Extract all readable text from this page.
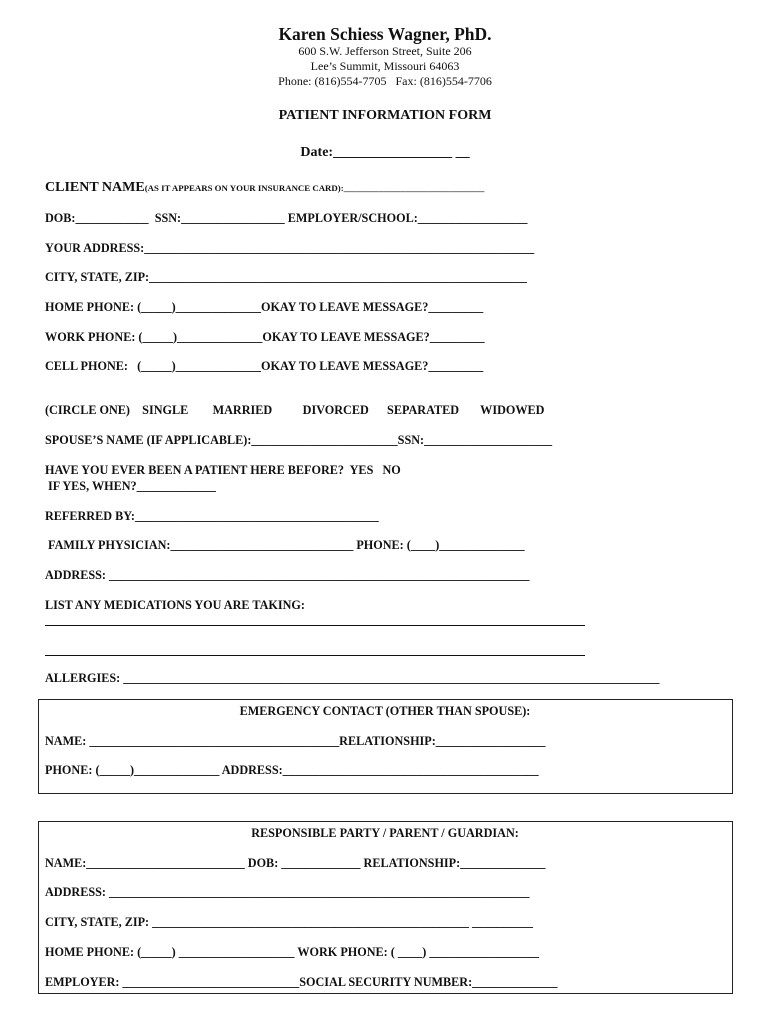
Karen Schiess Wagner, PhD.
600 S.W. Jefferson Street, Suite 206
Lee’s Summit, Missouri 64063
Phone: (816)554-7705   Fax: (816)554-7706
PATIENT INFORMATION FORM
Date:_________________ __
CLIENT NAME(AS IT APPEARS ON YOUR INSURANCE CARD):________________________________
DOB:____________  SSN:_________________ EMPLOYER/SCHOOL:__________________
YOUR ADDRESS:________________________________________________________________
CITY, STATE, ZIP:______________________________________________________________
HOME PHONE: (_____)______________OKAY TO LEAVE MESSAGE?_________
WORK PHONE: (_____)______________OKAY TO LEAVE MESSAGE?_________
CELL PHONE:   (_____)______________OKAY TO LEAVE MESSAGE?_________
(CIRCLE ONE)    SINGLE        MARRIED          DIVORCED      SEPARATED       WIDOWED
SPOUSE’S NAME (IF APPLICABLE):________________________SSN:_____________________
HAVE YOU EVER BEEN A PATIENT HERE BEFORE?  YES   NO
IF YES, WHEN?_____________
REFERRED BY:________________________________________
FAMILY PHYSICIAN:______________________________ PHONE: (____)______________
ADDRESS: _____________________________________________________________________
LIST ANY MEDICATIONS YOU ARE TAKING:
ALLERGIES: ________________________________________________________________________________________
EMERGENCY CONTACT (OTHER THAN SPOUSE):
NAME: _________________________________________RELATIONSHIP:__________________
PHONE: (_____)______________ ADDRESS:__________________________________________
RESPONSIBLE PARTY / PARENT / GUARDIAN:
NAME:__________________________ DOB: _____________ RELATIONSHIP:______________
ADDRESS: _____________________________________________________________________
CITY, STATE, ZIP: ____________________________________________________ __________
HOME PHONE: (_____) ___________________ WORK PHONE: ( ____) __________________
EMPLOYER: _____________________________SOCIAL SECURITY NUMBER:______________
